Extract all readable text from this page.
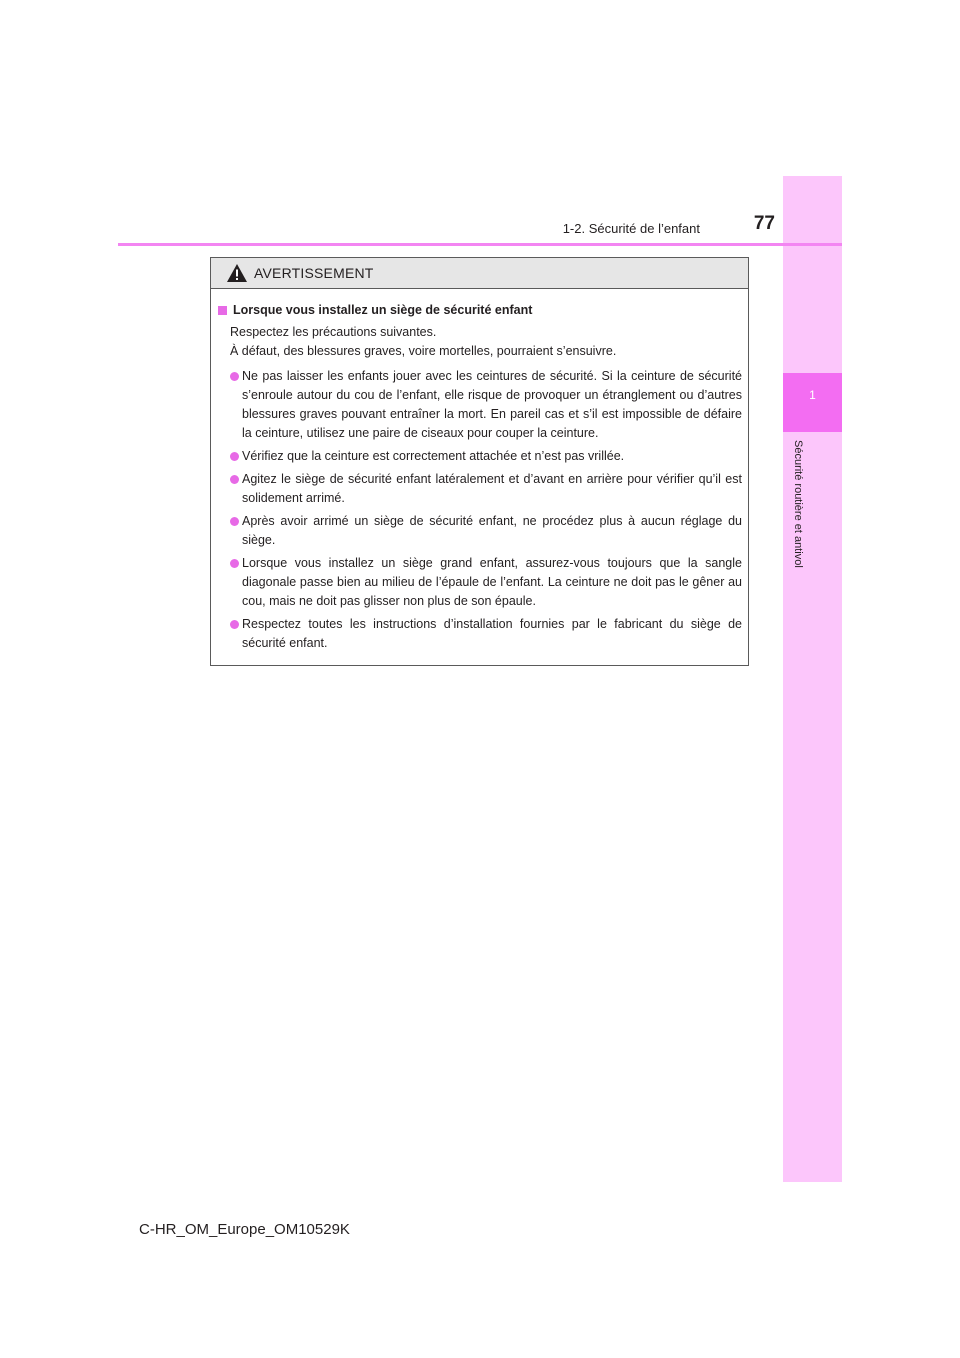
1
Sécurité routière et antivol
1-2. Sécurité de l’enfant	77
AVERTISSEMENT
Lorsque vous installez un siège de sécurité enfant
Respectez les précautions suivantes.
À défaut, des blessures graves, voire mortelles, pourraient s’ensuivre.
Ne pas laisser les enfants jouer avec les ceintures de sécurité. Si la ceinture de sécurité s’enroule autour du cou de l’enfant, elle risque de provoquer un étranglement ou d’autres blessures graves pouvant entraîner la mort. En pareil cas et s’il est impossible de défaire la ceinture, utilisez une paire de ciseaux pour couper la ceinture.
Vérifiez que la ceinture est correctement attachée et n’est pas vrillée.
Agitez le siège de sécurité enfant latéralement et d’avant en arrière pour vérifier qu’il est solidement arrimé.
Après avoir arrimé un siège de sécurité enfant, ne procédez plus à aucun réglage du siège.
Lorsque vous installez un siège grand enfant, assurez-vous toujours que la sangle diagonale passe bien au milieu de l’épaule de l’enfant. La ceinture ne doit pas le gêner au cou, mais ne doit pas glisser non plus de son épaule.
Respectez toutes les instructions d’installation fournies par le fabricant du siège de sécurité enfant.
C-HR_OM_Europe_OM10529K
